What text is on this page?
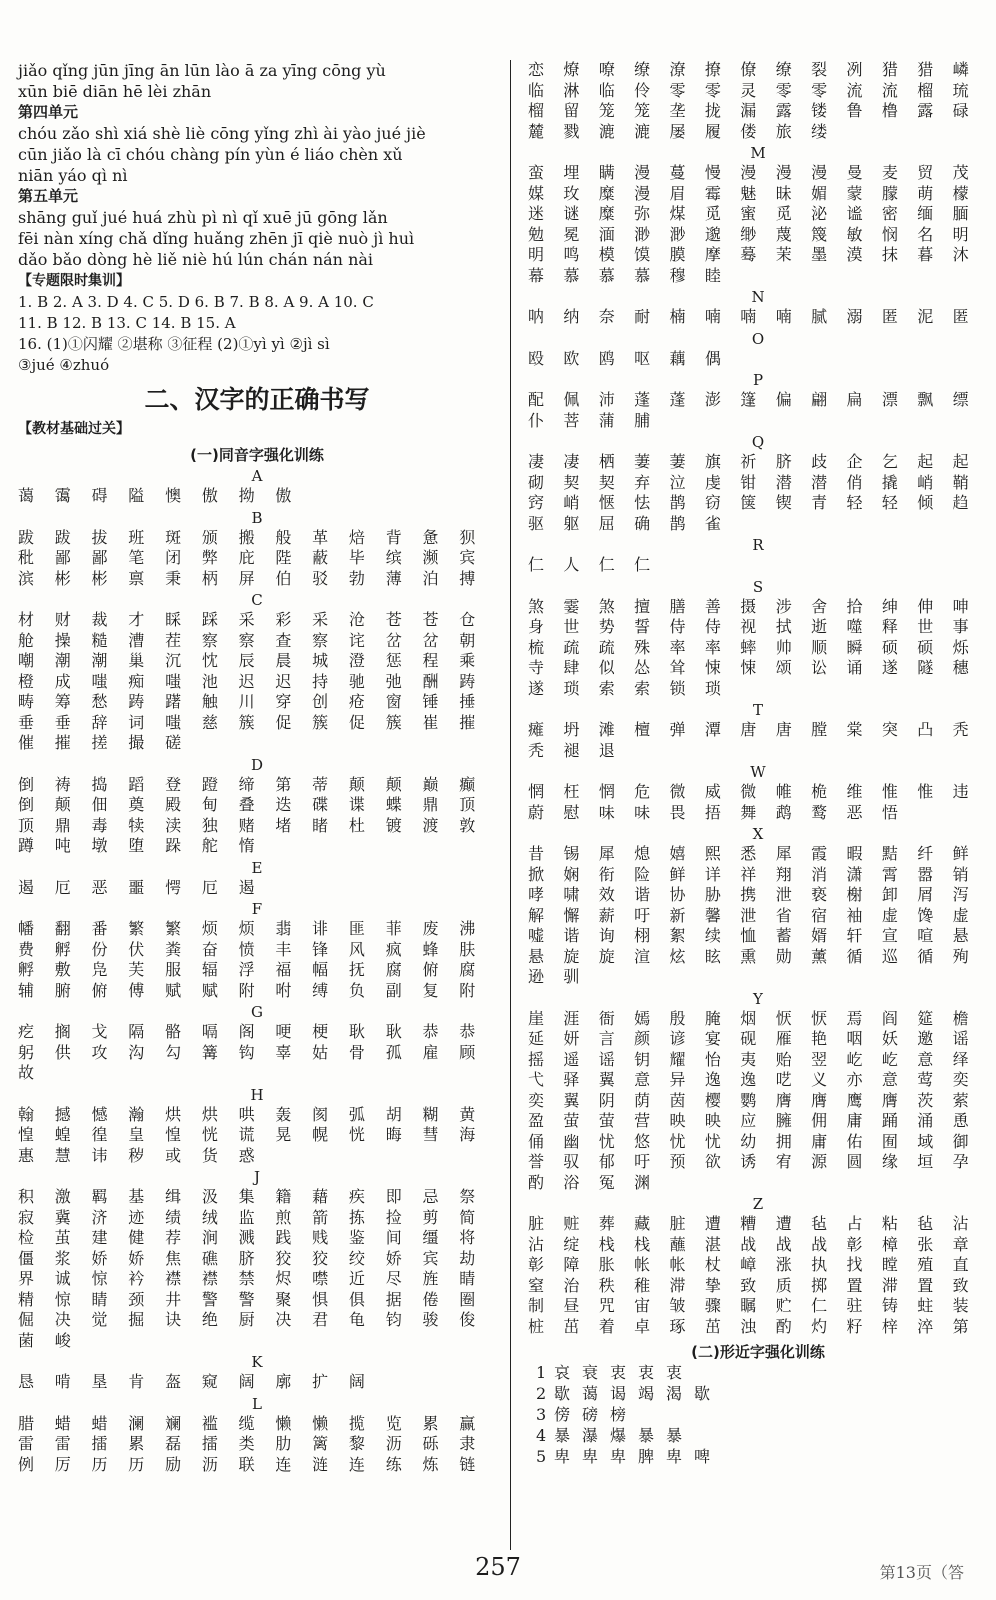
jiǎo qǐng jūn jīng ān lūn lào ā za yīng cōng yù
xūn biē diān hē lèi zhān
第四单元
chóu zǎo shì xiá shè liè cōng yǐng zhì ài yào jué jiè
cūn jiǎo là cī chóu chàng pín yùn é liáo chèn xǔ
niān yáo qì nì
第五单元
shāng guǐ jué huá zhù pì nì qǐ xuē jū gōng lǎn
fēi nàn xíng chǎ dǐng huǎng zhēn jī qiè nuò jì huì
dǎo bǎo dòng hè liě niè hú lún chán nán nài
【专题限时集训】
1. B 2. A 3. D 4. C 5. D 6. B 7. B 8. A 9. A 10. C
11. B 12. B 13. C 14. B 15. A
16. (1)①闪耀 ②堪称 ③征程 (2)①yì yì ②jì sì
③jué ④zhuó
二、汉字的正确书写
【教材基础过关】
(一)同音字强化训练
A
蔼	霭	碍	隘	懊	傲	拗	傲
B
跋	跋	拔	班	斑	颁	搬	般	革	焙	背	惫	狈
秕	鄙	鄙	笔	闭	弊	庇	陛	蔽	毕	缤	濒	宾
滨	彬	彬	禀	秉	柄	屏	伯	驳	勃	薄	泊	搏
C
材	财	裁	才	睬	踩	采	彩	采	沧	苍	苍	仓
舱	操	糙	漕	茬	察	察	查	察	诧	岔	岔	朝
嘲	潮	潮	巢	沉	忱	辰	晨	城	澄	惩	程	乘
橙	成	嗤	痴	嗤	池	迟	迟	持	驰	弛	酬	踌
畴	筹	愁	踌	躇	触	川	穿	创	疮	窗	锤	捶
垂	垂	辞	词	嗤	慈	簇	促	簇	促	簇	崔	摧
催	摧	搓	撮	磋
D
倒	祷	捣	蹈	登	蹬	缔	第	蒂	颠	颠	巅	癫
倒	颠	佃	奠	殿	甸	叠	迭	碟	谍	蝶	鼎	顶
顶	鼎	毒	犊	渎	独	赌	堵	睹	杜	镀	渡	敦
蹲	吨	墩	堕	跺	舵	惰
E
遏	厄	恶	噩	愕	厄	遏
F
幡	翻	番	繁	繁	烦	烦	翡	诽	匪	菲	废	沸
费	孵	份	伏	粪	奋	愤	丰	锋	风	疯	蜂	肤
孵	敷	凫	芙	服	辐	浮	福	幅	抚	腐	俯	腐
辅	腑	俯	傅	赋	赋	附	咐	缚	负	副	复	附
G
疙	搁	戈	隔	骼	嗝	阁	哽	梗	耿	耿	恭	恭
躬	供	攻	沟	勾	篝	钩	辜	姑	骨	孤	雇	顾
故
H
翰	撼	憾	瀚	烘	烘	哄	轰	阂	弧	胡	糊	黄
惶	蝗	徨	皇	惶	恍	谎	晃	幌	恍	晦	彗	海
惠	慧	讳	秽	或	货	惑
J
积	激	羁	基	缉	汲	集	籍	藉	疾	即	忌	祭
寂	冀	济	迹	绩	绒	监	煎	箭	拣	捡	剪	简
检	茧	建	健	荐	涧	溅	践	贱	鉴	间	缰	将
僵	浆	娇	娇	焦	礁	脐	狡	狡	绞	娇	宾	劫
界	诚	惊	衿	襟	襟	禁	烬	噤	近	尽	旌	睛
精	惊	睛	颈	井	警	警	聚	惧	俱	据	倦	圈
倔	决	觉	掘	诀	绝	厨	决	君	龟	钧	骏	俊
菌	峻
K
恳	啃	垦	肯	盔	窥	阔	廓	扩	阔
L
腊	蜡	蜡	澜	斓	褴	缆	懒	懒	揽	览	累	赢
雷	雷	擂	累	磊	擂	类	肋	篱	黎	沥	砾	隶
例	厉	历	历	励	沥	联	连	涟	连	练	炼	链
恋	燎	嘹	缭	潦	撩	僚	缭	裂	冽	猎	猎	嶙
临	淋	临	伶	零	零	灵	零	零	流	流	榴	琉
榴	留	笼	笼	垄	拢	漏	露	镂	鲁	橹	露	碌
麓	戮	漉	漉	屡	履	偻	旅	缕
M
蛮	埋	瞒	漫	蔓	慢	漫	漫	漫	曼	麦	贸	茂
媒	玫	糜	漫	眉	霉	魅	昧	媚	蒙	朦	萌	檬
迷	谜	糜	弥	煤	觅	蜜	觅	泌	谧	密	缅	腼
勉	冕	湎	渺	渺	邈	缈	蔑	篾	敏	悯	名	明
明	鸣	模	馍	膜	摩	蓦	茉	墨	漠	抹	暮	沐
幕	慕	慕	慕	穆	睦
N
呐	纳	奈	耐	楠	喃	喃	喃	腻	溺	匿	泥	匿
O
殴	欧	鸥	呕	藕	偶
P
配	佩	沛	蓬	蓬	澎	篷	偏	翩	扁	漂	飘	缥
仆	菩	蒲	脯
Q
凄	凄	栖	萋	萋	旗	祈	脐	歧	企	乞	起	起
砌	契	契	弃	泣	虔	钳	潜	潜	俏	撬	峭	鞘
窍	峭	惬	怯	鹊	窃	箧	锲	青	轻	轻	倾	趋
驱	躯	屈	确	鹊	雀
R
仁	人	仁	仁
S
煞	霎	煞	擅	膳	善	摄	涉	舍	拾	绅	伸	呻
身	世	势	誓	侍	侍	视	拭	逝	噬	释	世	事
梳	疏	疏	殊	率	率	蟀	帅	顺	瞬	硕	硕	烁
寺	肆	似	怂	耸	悚	悚	颂	讼	诵	遂	隧	穗
遂	琐	索	索	锁	琐
T
瘫	坍	滩	檀	弹	潭	唐	唐	膛	棠	突	凸	秃
秃	褪	退
W
惘	枉	惘	危	微	威	微	帷	桅	维	惟	惟	违
蔚	慰	味	味	畏	捂	舞	鹉	鹜	恶	悟
X
昔	锡	犀	熄	嬉	熙	悉	犀	霞	暇	黠	纤	鲜
掀	娴	衔	险	鲜	详	祥	翔	消	潇	霄	嚣	销
哮	啸	效	谐	协	胁	携	泄	亵	榭	卸	屑	泻
解	懈	薪	吁	新	馨	泄	省	宿	袖	虚	馋	虚
嘘	谐	询	栩	絮	续	恤	蓄	婿	轩	宣	喧	悬
悬	旋	旋	渲	炫	眩	熏	勋	薰	循	巡	循	殉
逊	驯
Y
崖	涯	衙	嫣	殷	腌	烟	恹	恹	焉	阎	筵	檐
延	妍	言	颜	谚	宴	砚	雁	艳	咽	妖	邀	谣
摇	遥	谣	钥	耀	怡	夷	贻	翌	屹	屹	意	绎
弋	驿	翼	意	异	逸	逸	呓	义	亦	意	莺	奕
奕	翼	阴	荫	茵	樱	鹦	膺	膺	鹰	膺	茨	萦
盈	萤	萤	营	映	映	应	臃	佣	庸	踊	涌	恿
俑	幽	忧	悠	忧	忧	幼	拥	庸	佑	囿	域	御
誉	驭	郁	吁	预	欲	诱	宥	源	圆	缘	垣	孕
酌	浴	冤	渊
Z
脏	赃	葬	藏	脏	遭	糟	遭	毡	占	粘	毡	沾
沾	绽	栈	栈	蘸	湛	战	战	战	彰	樟	张	章
彰	障	胀	帐	帐	杖	嶂	涨	执	找	瞠	殖	直
窒	治	秩	稚	滞	挚	致	质	掷	置	滞	置	致
制	昼	咒	宙	皱	骤	瞩	贮	仁	驻	铸	蛀	装
桩	茁	着	卓	琢	茁	浊	酌	灼	籽	梓	淬	第
(二)形近字强化训练
1 哀 衰 衷 衷 衷
2 歇 蔼 谒 竭 渴 歇
3 傍 磅 榜
4 暴 瀑 爆 暴 暴
5 卑 卑 卑 脾 卑 啤
257	第13页（答
